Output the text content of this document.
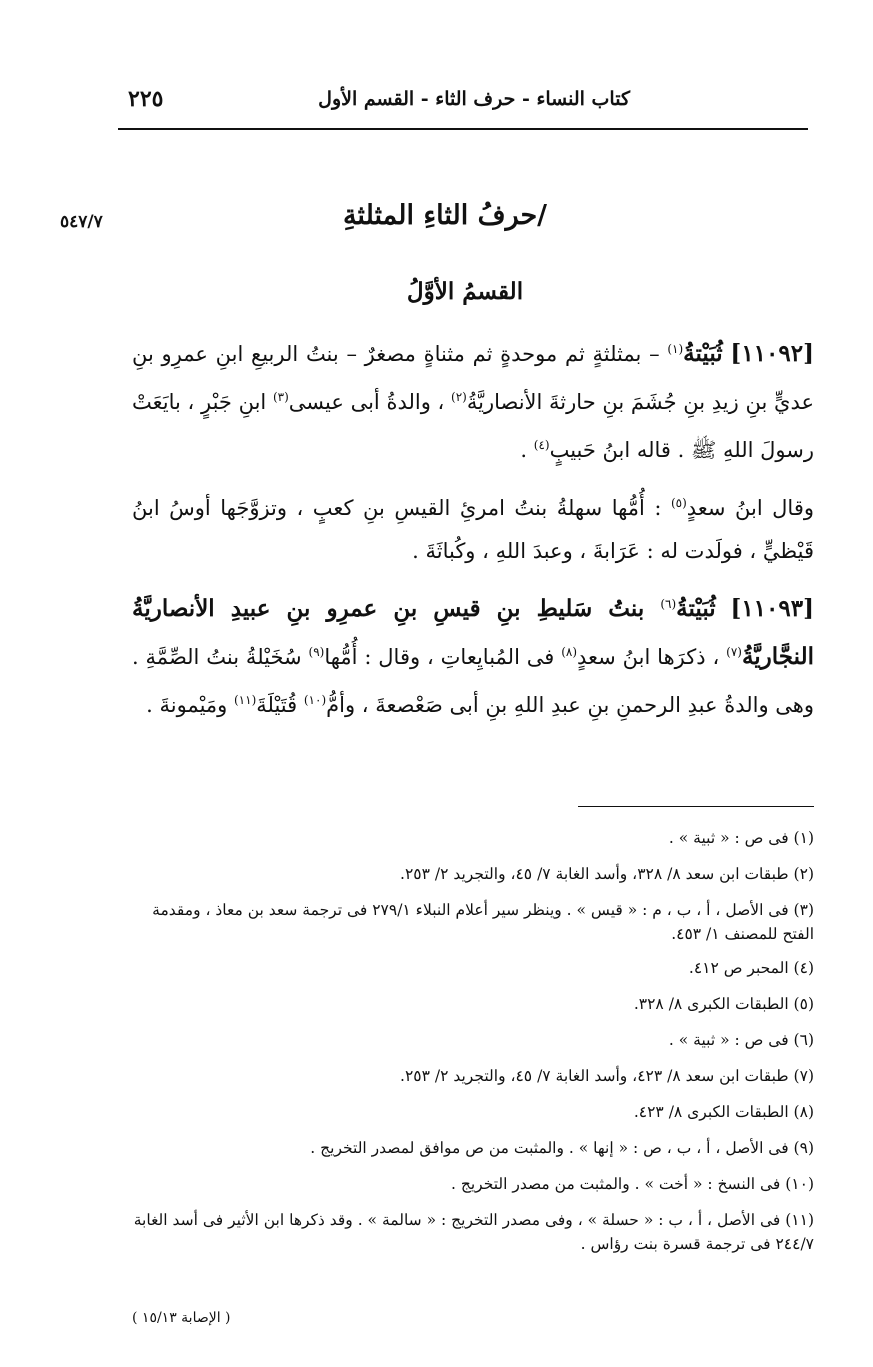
كتاب النساء - حرف الثاء - القسم الأول
٢٢٥
٥٤٧/٧	/حرفُ الثاءِ المثلثةِ
القسمُ الأوَّلُ

[١١٠٩٢] ثُبَيْتةُ$^{(١)}$ – بمثلثةٍ ثم موحدةٍ ثم مثناةٍ مصغرٌ – بنتُ الربيعِ ابنِ عمرِو بنِ عديٍّ بنِ زيدِ بنِ جُشَمَ بنِ حارثةَ الأنصاريَّةُ$^{(٢)}$ ، والدةُ أبى عيسى$^{(٣)}$ ابنِ جَبْرٍ ، بايَعَتْ رسولَ اللهِ ﷺ . قاله ابنُ حَبيبٍ$^{(٤)}$ .

وقال ابنُ سعدٍ$^{(٥)}$ : أُمُّها سهلةُ بنتُ امرئِ القيسِ بنِ كعبٍ ، وتزوَّجَها أوسُ ابنُ قَيْظيٍّ ، فولَدت له : عَرَابةَ ، وعبدَ اللهِ ، وكُباثَةَ .

[١١٠٩٣] ثُبَيْتةُ$^{(٦)}$ بنتُ سَليطِ بنِ قيسِ بنِ عمرِو بنِ عبيدِ الأنصاريَّةُ النجَّاريَّةُ$^{(٧)}$ ، ذكرَها ابنُ سعدٍ$^{(٨)}$ فى المُبايِعاتِ ، وقال : أُمُّها$^{(٩)}$ سُخَيْلةُ بنتُ الصِّمَّةِ . وهى والدةُ عبدِ الرحمنِ بنِ عبدِ اللهِ بنِ أبى صَعْصعةَ ، وأمُّ$^{(١٠)}$ قُتَيْلَةَ$^{(١١)}$ ومَيْمونةَ .

(١) فى ص : « ثبية » .

(٢) طبقات ابن سعد ٨/ ٣٢٨، وأسد الغابة ٧/ ٤٥، والتجريد ٢/ ٢٥٣.

(٣) فى الأصل ، أ ، ب ، م : « قيس » . وينظر سير أعلام النبلاء ٢٧٩/١ فى ترجمة سعد بن معاذ ، ومقدمة الفتح للمصنف ١/ ٤٥٣.

(٤) المحبر ص ٤١٢.

(٥) الطبقات الكبرى ٨/ ٣٢٨.

(٦) فى ص : « ثبية » .

(٧) طبقات ابن سعد ٨/ ٤٢٣، وأسد الغابة ٧/ ٤٥، والتجريد ٢/ ٢٥٣.

(٨) الطبقات الكبرى ٨/ ٤٢٣.

(٩) فى الأصل ، أ ، ب ، ص : « إنها » . والمثبت من ص موافق لمصدر التخريج .

(١٠) فى النسخ : « أخت » . والمثبت من مصدر التخريج .

(١١) فى الأصل ، أ ، ب : « حسلة » ، وفى مصدر التخريج : « سالمة » . وقد ذكرها ابن الأثير فى أسد الغابة ٢٤٤/٧ فى ترجمة قسرة بنت رؤاس .

( الإصابة ١٥/١٣ )
